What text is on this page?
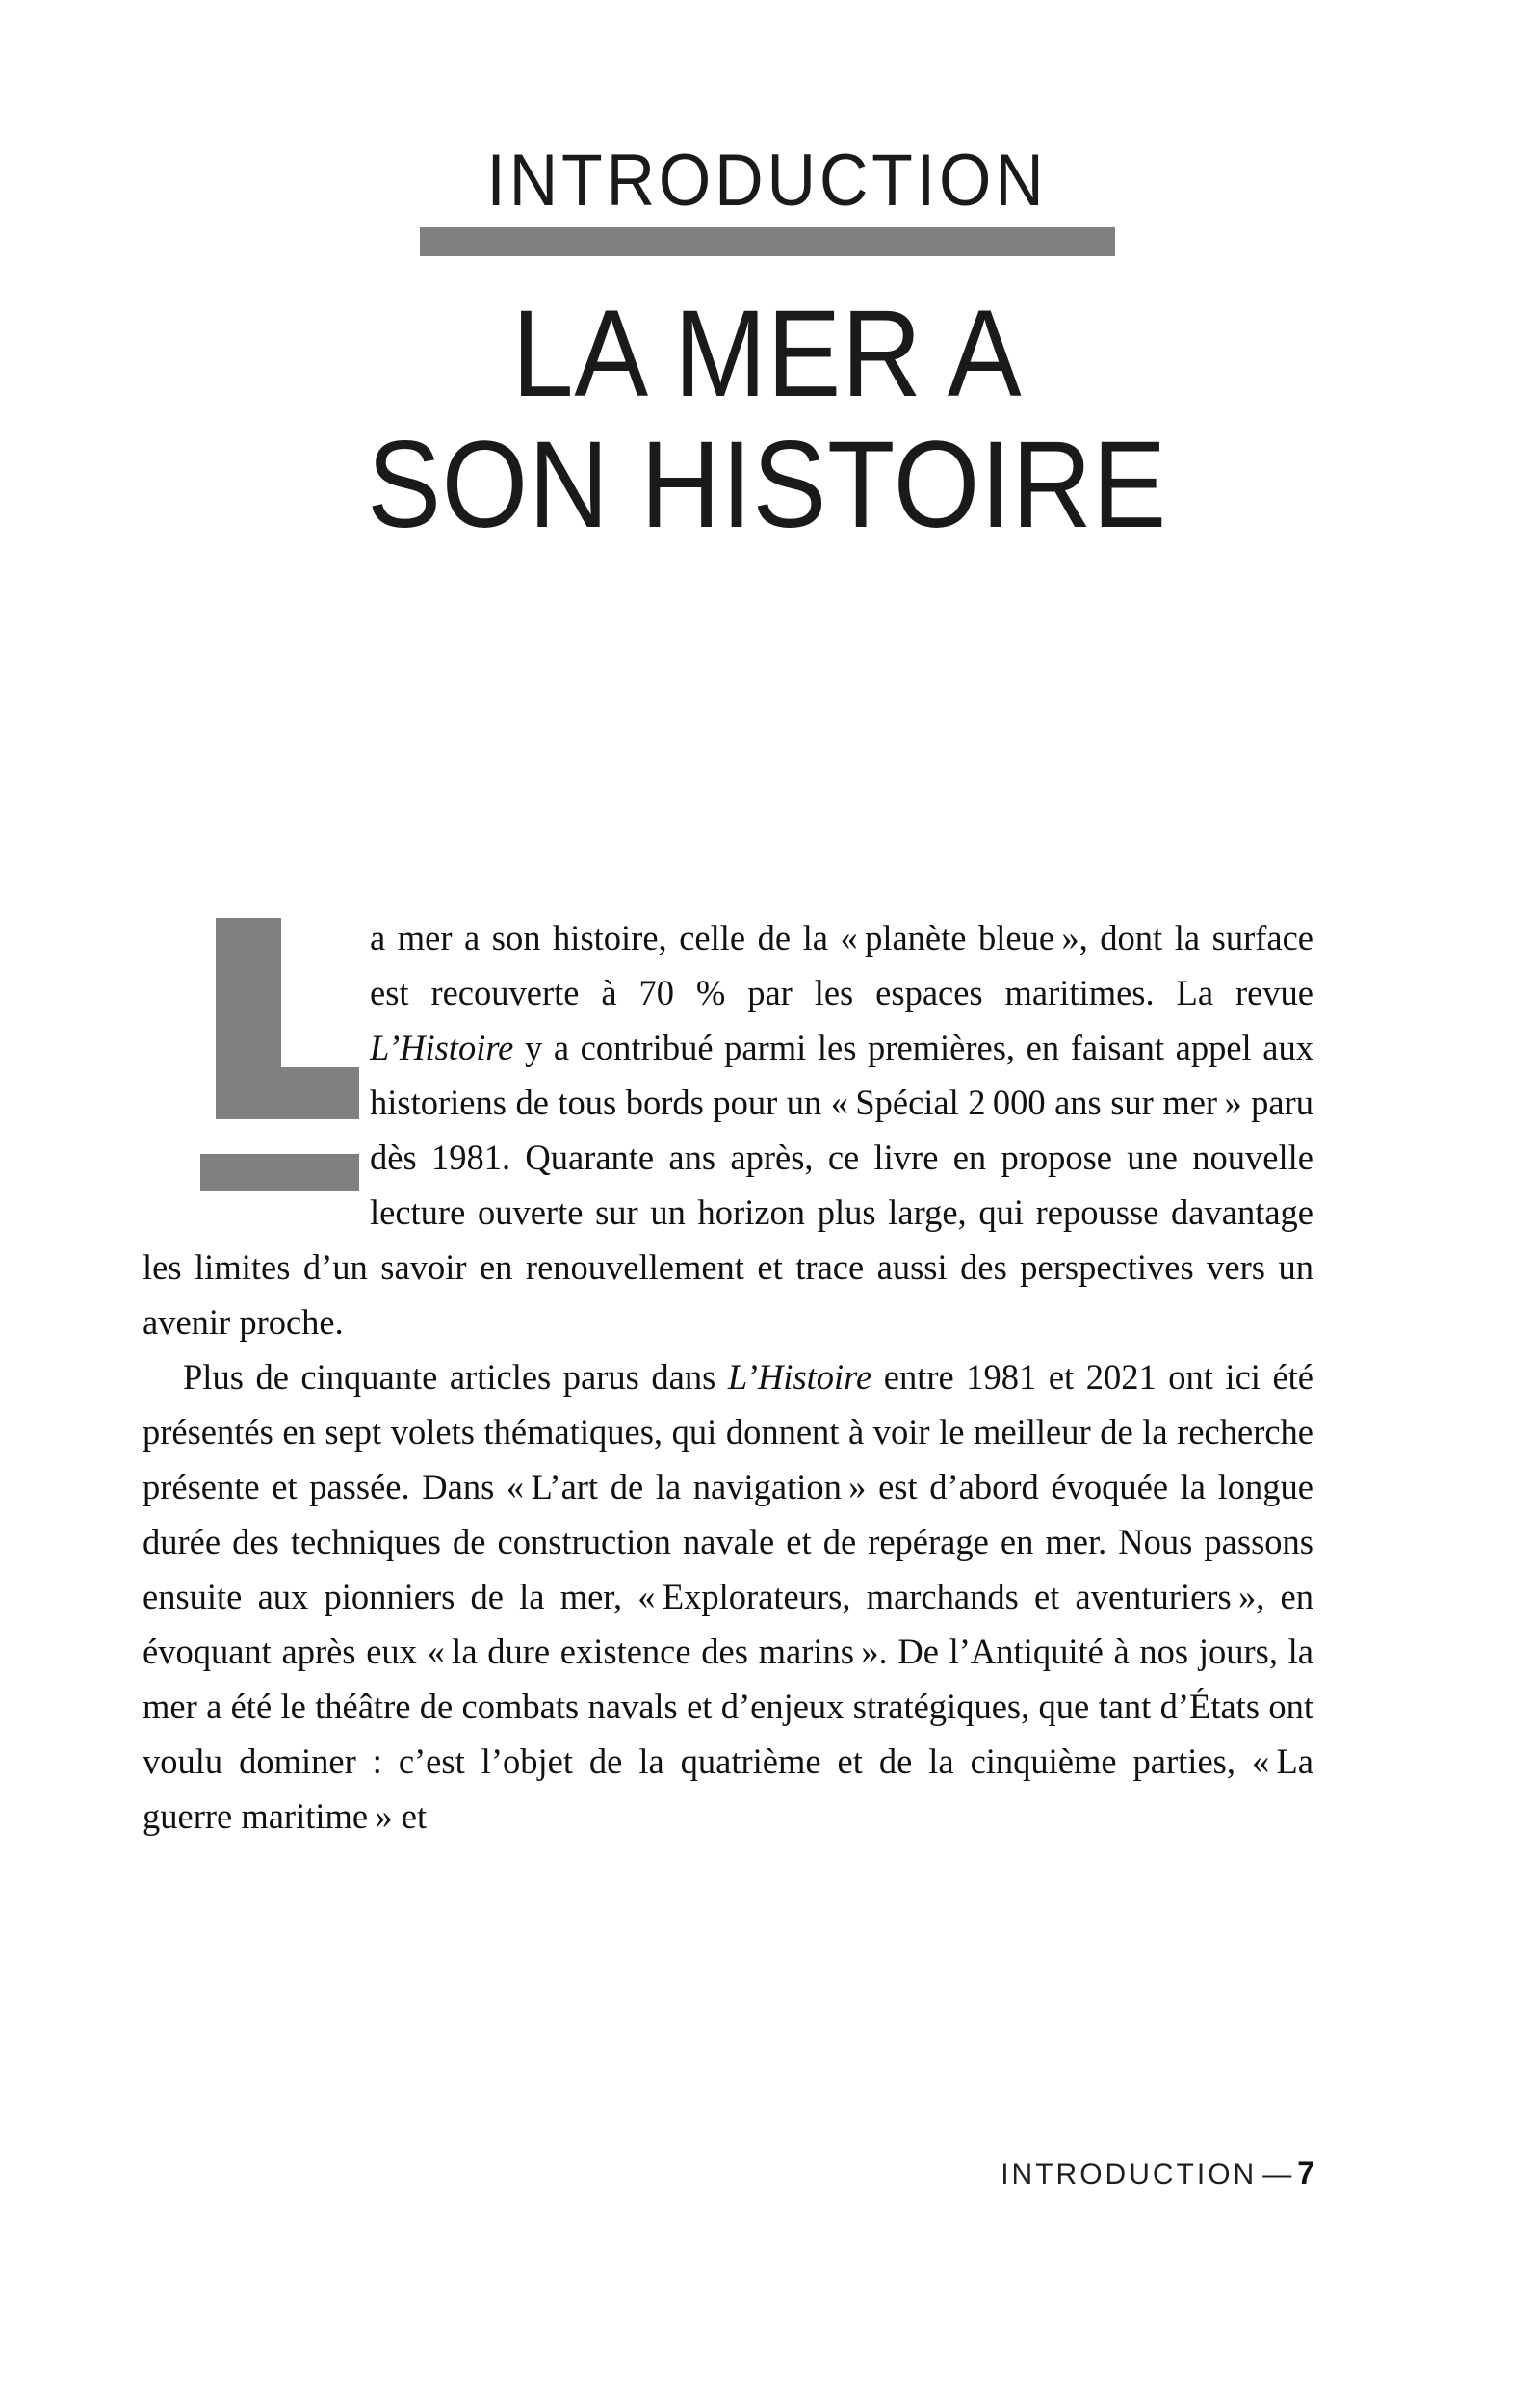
INTRODUCTION
LA MER A
SON HISTOIRE

a mer a son histoire, celle de la « planète bleue », dont la surface est recouverte à 70 % par les espaces maritimes. La revue L’Histoire y a contribué parmi les premières, en faisant appel aux historiens de tous bords pour un « Spécial 2 000 ans sur mer » paru dès 1981. Quarante ans après, ce livre en propose une nouvelle lecture ouverte sur un horizon plus large, qui repousse davantage les limites d’un savoir en renouvellement et trace aussi des perspectives vers un avenir proche.

Plus de cinquante articles parus dans L’Histoire entre 1981 et 2021 ont ici été présentés en sept volets thématiques, qui donnent à voir le meilleur de la recherche présente et passée. Dans « L’art de la navigation » est d’abord évoquée la longue durée des techniques de construction navale et de repérage en mer. Nous passons ensuite aux pionniers de la mer, « Explorateurs, marchands et aventuriers », en évoquant après eux « la dure existence des marins ». De l’Antiquité à nos jours, la mer a été le théâtre de combats navals et d’enjeux stratégiques, que tant d’États ont voulu dominer : c’est l’objet de la quatrième et de la cinquième parties, « La guerre maritime » et

INTRODUCTION — 7
